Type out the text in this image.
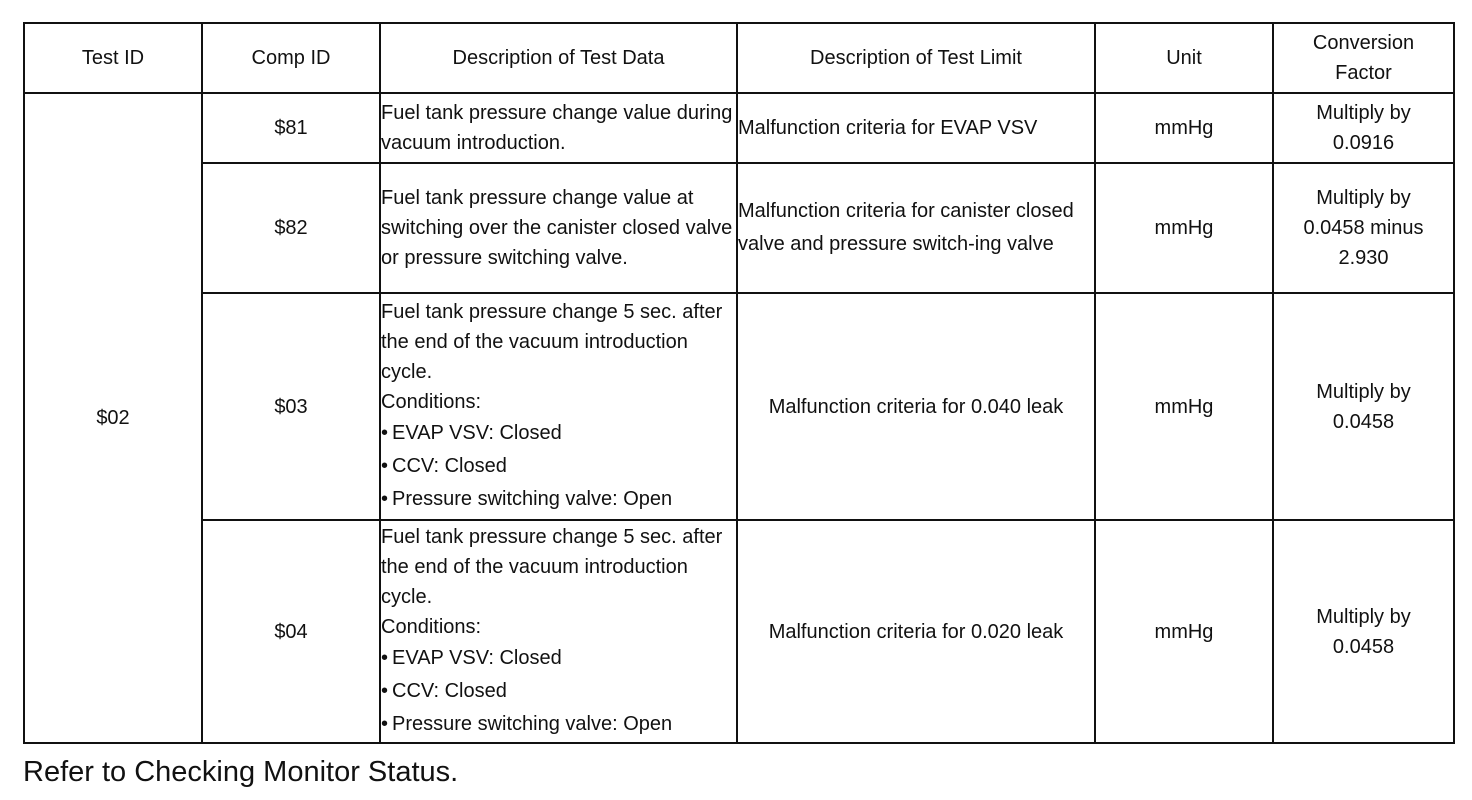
Test ID	Comp ID	Description of Test Data	Description of Test Limit	Unit	Conversion Factor
$02	$81	Fuel tank pressure change value during vacuum introduction.	Malfunction criteria for EVAP VSV	mmHg	Multiply by 0.0916
	$82	Fuel tank pressure change value at switching over the canister closed valve or pressure switching valve.	Malfunction criteria for canister closed valve and pressure switch-ing valve	mmHg	Multiply by 0.0458 minus 2.930
	$03	Fuel tank pressure change 5 sec. after the end of the vacuum introduction cycle.
Conditions:
• EVAP VSV: Closed
• CCV: Closed
• Pressure switching valve: Open	Malfunction criteria for 0.040 leak	mmHg	Multiply by 0.0458
	$04	Fuel tank pressure change 5 sec. after the end of the vacuum introduction cycle.
Conditions:
• EVAP VSV: Closed
• CCV: Closed
• Pressure switching valve: Open	Malfunction criteria for 0.020 leak	mmHg	Multiply by 0.0458
Refer to Checking Monitor Status.
